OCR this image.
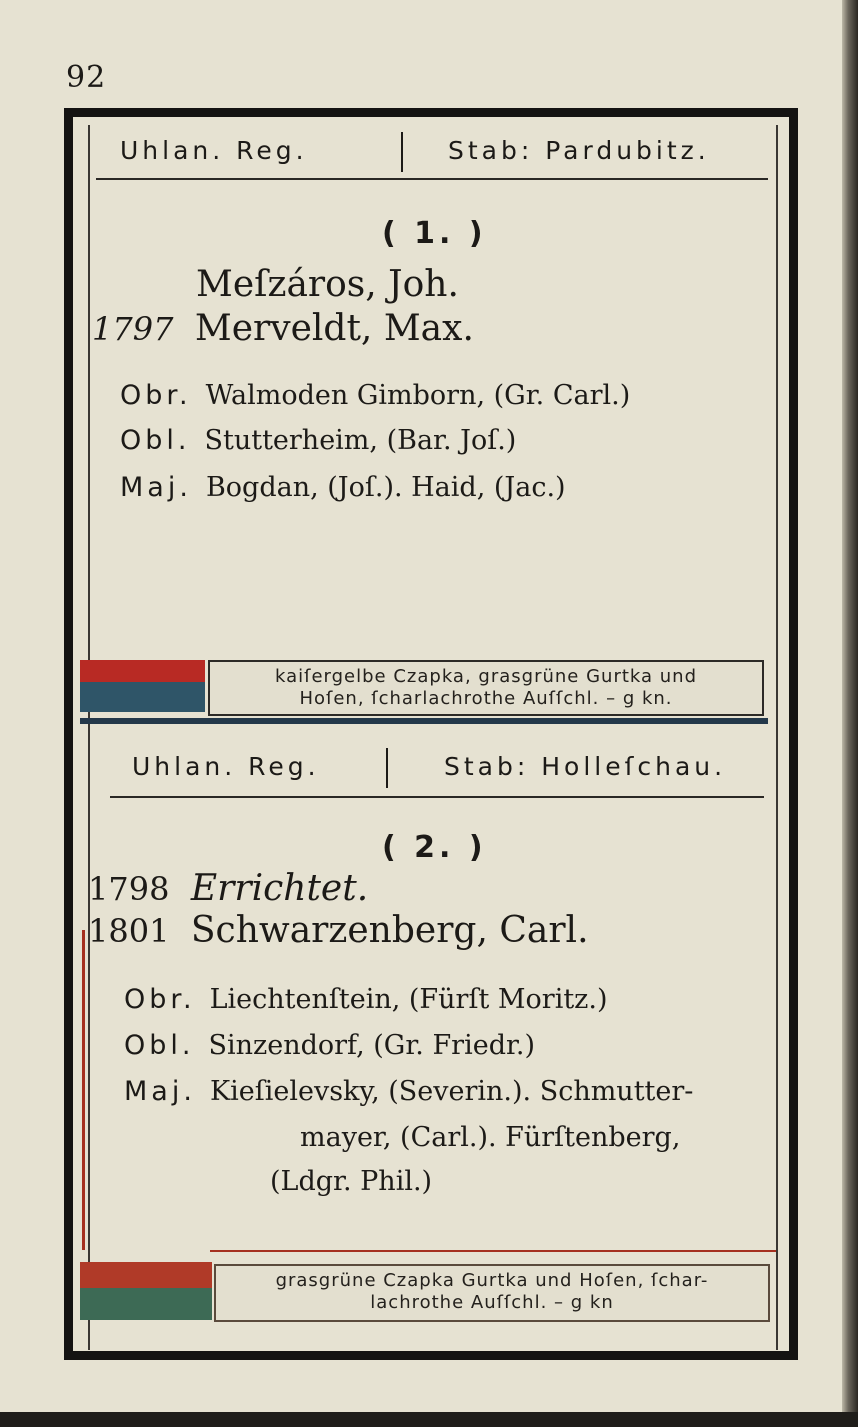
92
Uhlan. Reg.	Stab: Pardubitz.
( 1. )
Meſzáros, Joh.
1797 Merveldt, Max.
Obr. Walmoden Gimborn, (Gr. Carl.)
Obl. Stutterheim, (Bar. Joſ.)
Maj. Bogdan, (Joſ.). Haid, (Jac.)
kaiſergelbe Czapka, grasgrüne Gurtka und
Hoſen, ſcharlachrothe Auſſchl. – g kn.
Uhlan. Reg.	Stab: Holleſchau.
( 2. )
1798 Errichtet.
1801 Schwarzenberg, Carl.
Obr. Liechtenſtein, (Fürſt Moritz.)
Obl. Sinzendorf, (Gr. Friedr.)
Maj. Kieſielevsky, (Severin.). Schmutter-
mayer, (Carl.). Fürſtenberg,
(Ldgr. Phil.)
grasgrüne Czapka Gurtka und Hoſen, ſchar-
lachrothe Auſſchl. – g kn
